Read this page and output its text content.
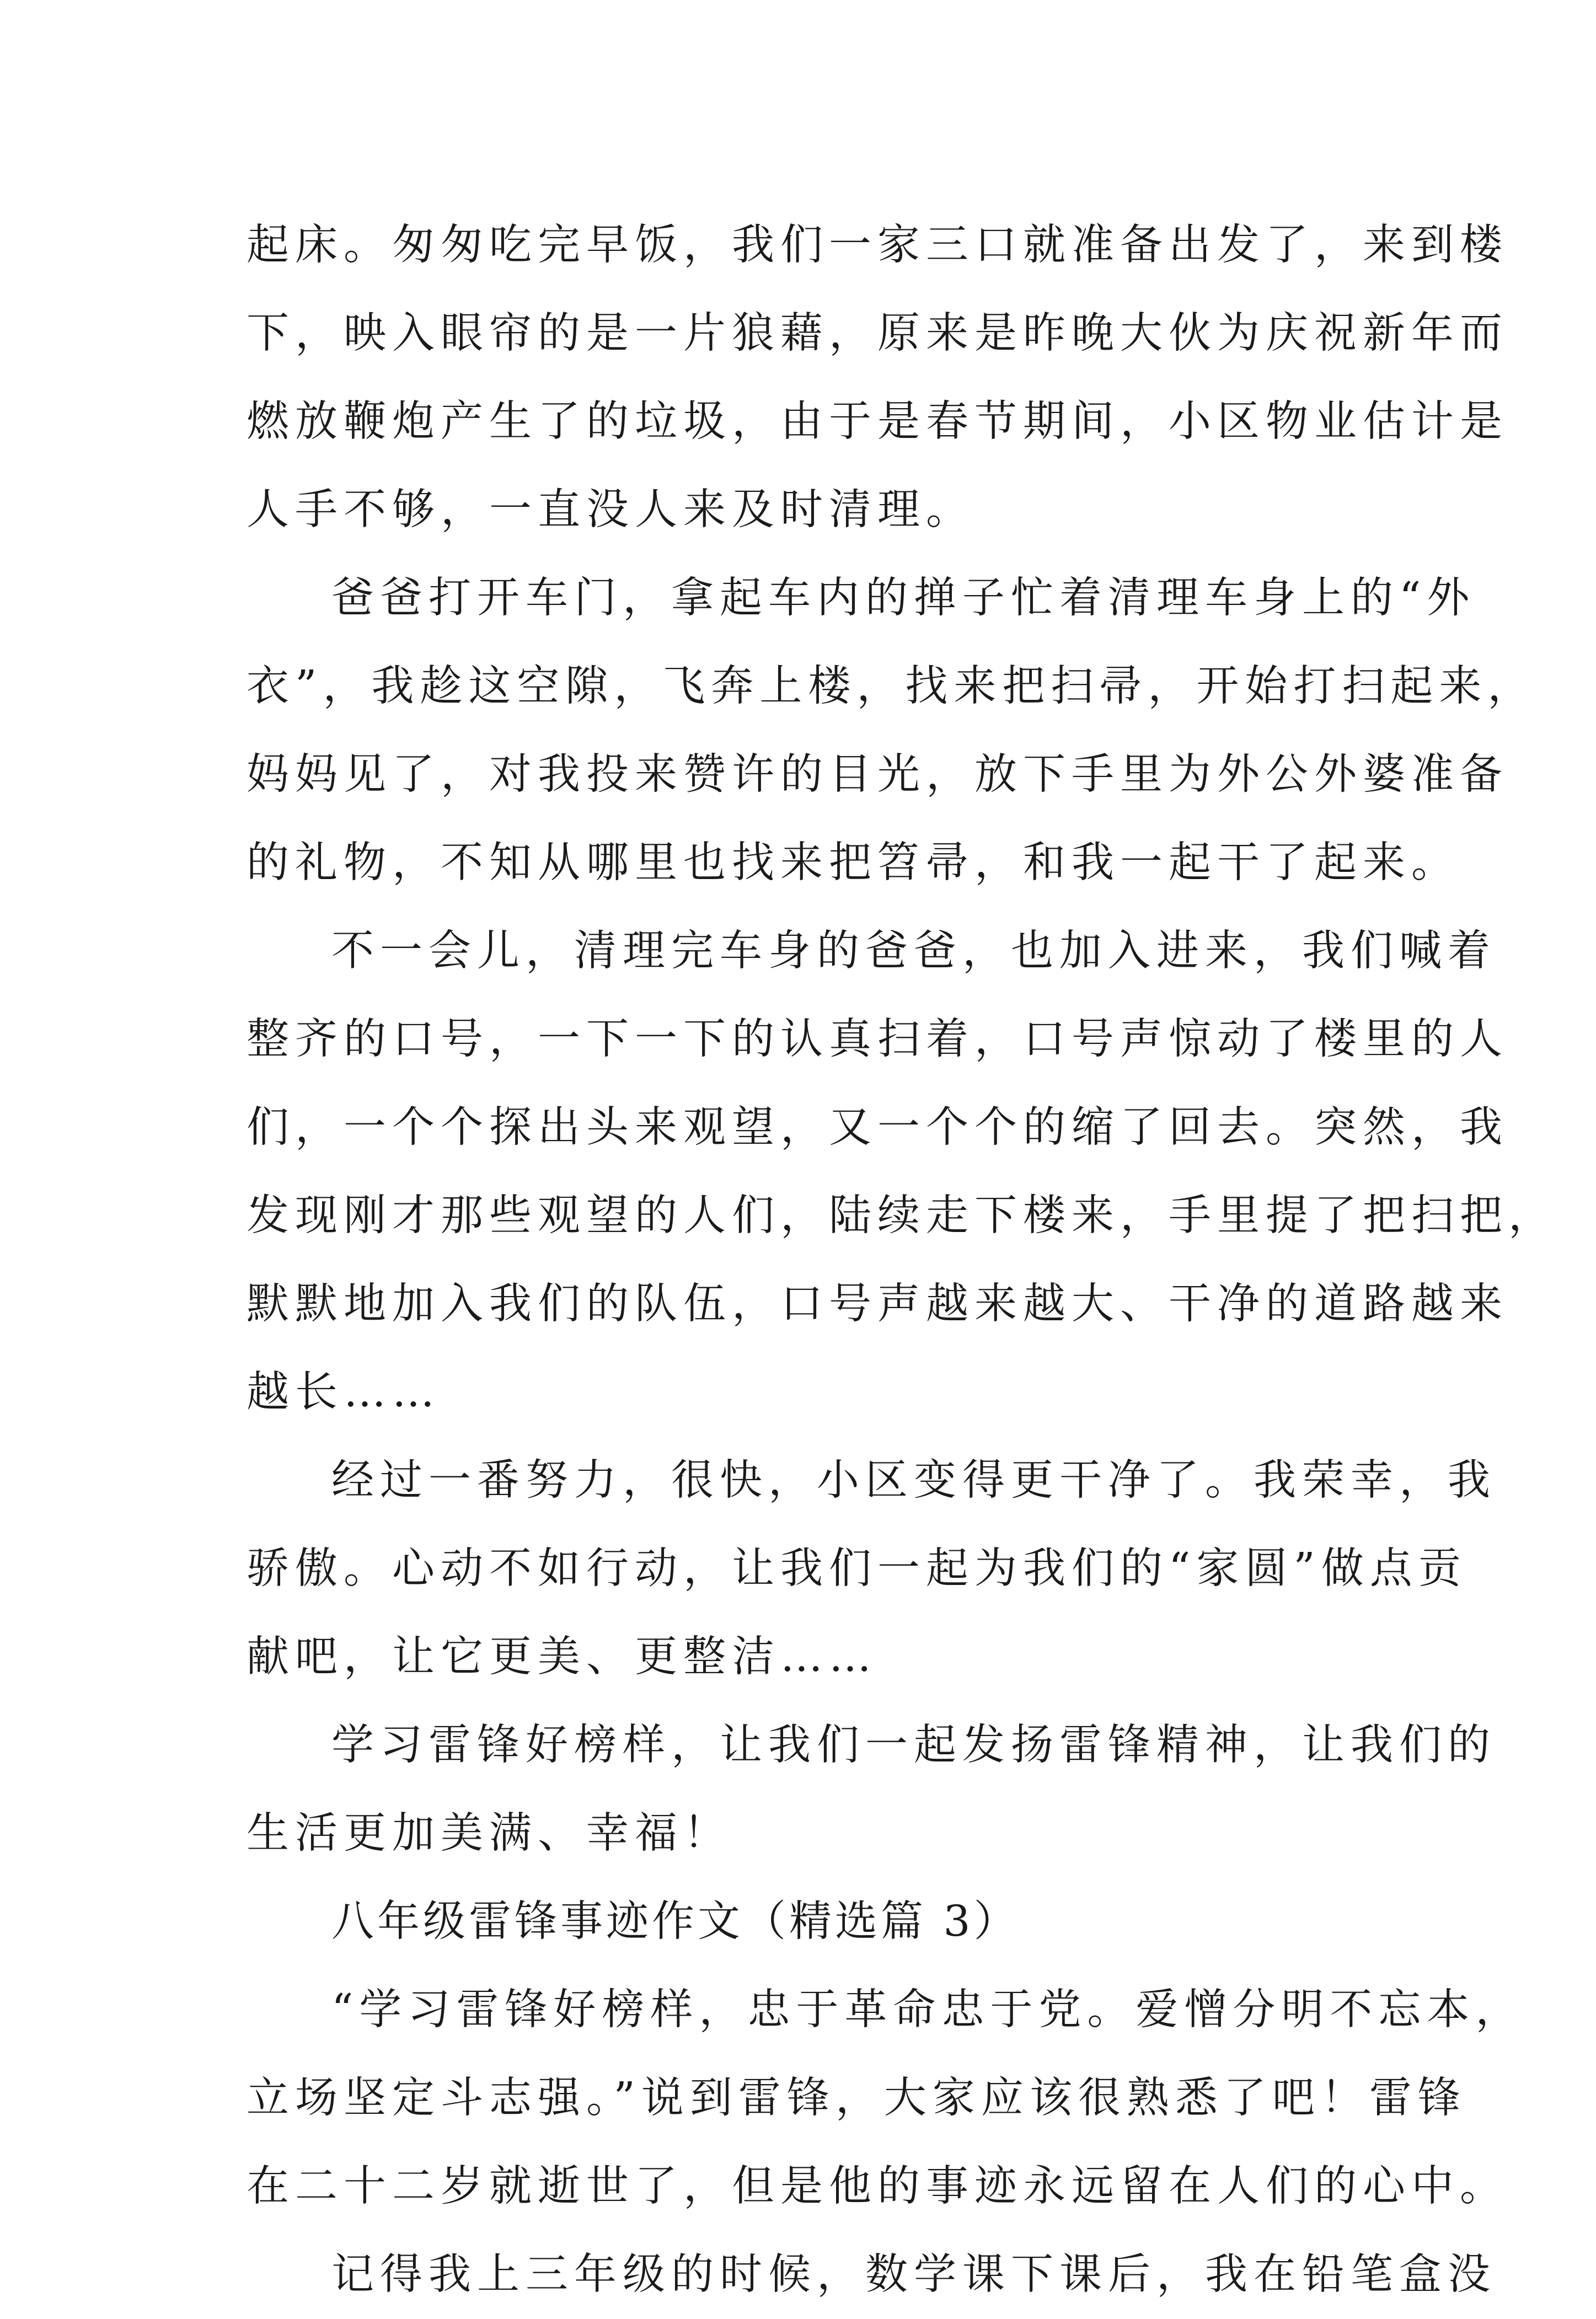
起床。匆匆吃完早饭，我们一家三口就准备出发了，来到楼
下，映入眼帘的是一片狼藉，原来是昨晚大伙为庆祝新年而
燃放鞭炮产生了的垃圾，由于是春节期间，小区物业估计是
人手不够，一直没人来及时清理。
爸爸打开车门，拿起车内的掸子忙着清理车身上的“外
衣”，我趁这空隙，飞奔上楼，找来把扫帚，开始打扫起来，
妈妈见了，对我投来赞许的目光，放下手里为外公外婆准备
的礼物，不知从哪里也找来把笤帚，和我一起干了起来。
不一会儿，清理完车身的爸爸，也加入进来，我们喊着
整齐的口号，一下一下的认真扫着，口号声惊动了楼里的人
们，一个个探出头来观望，又一个个的缩了回去。突然，我
发现刚才那些观望的人们，陆续走下楼来，手里提了把扫把，
默默地加入我们的队伍，口号声越来越大、干净的道路越来
越长……
经过一番努力，很快，小区变得更干净了。我荣幸，我
骄傲。心动不如行动，让我们一起为我们的“家圆”做点贡
献吧，让它更美、更整洁……
学习雷锋好榜样，让我们一起发扬雷锋精神，让我们的
生活更加美满、幸福！
八年级雷锋事迹作文（精选篇 3）
“学习雷锋好榜样，忠于革命忠于党。爱憎分明不忘本，
立场坚定斗志强。”说到雷锋，大家应该很熟悉了吧！雷锋
在二十二岁就逝世了，但是他的事迹永远留在人们的心中。
记得我上三年级的时候，数学课下课后，我在铅笔盒没
